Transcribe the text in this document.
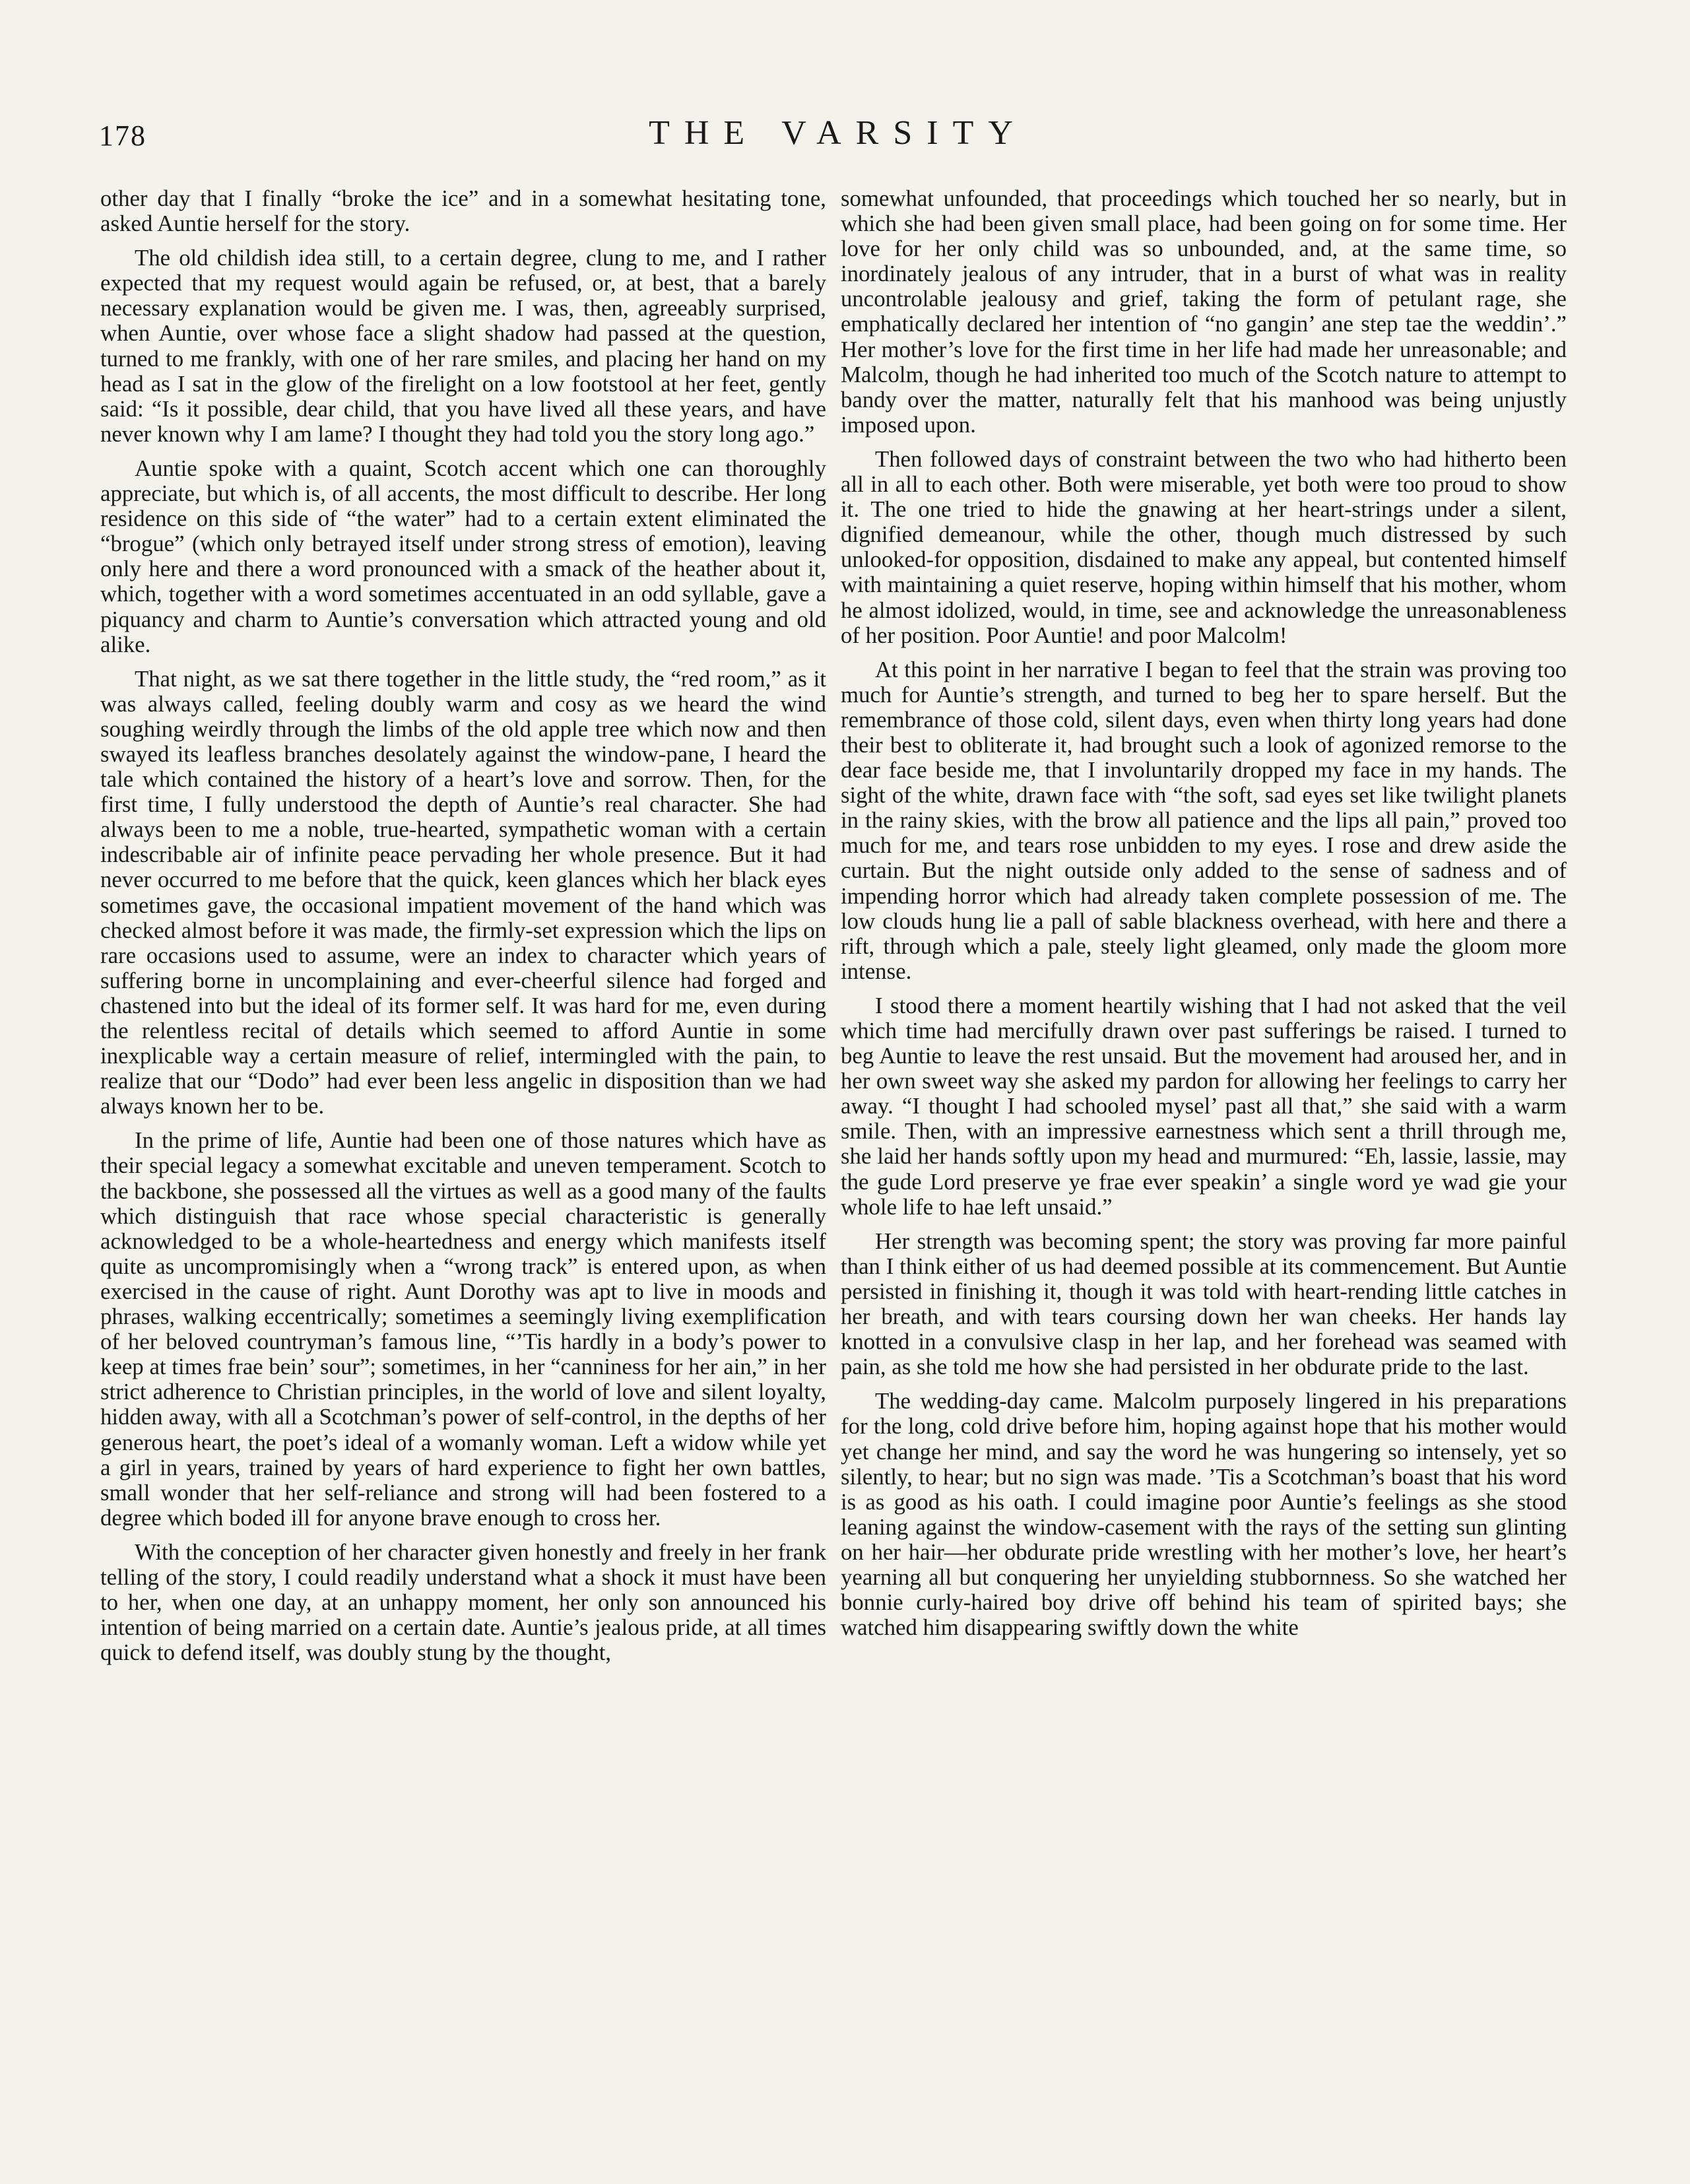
178	THE VARSITY

other day that I finally “broke the ice” and in a somewhat hesitating tone, asked Auntie herself for the story.

The old childish idea still, to a certain degree, clung to me, and I rather expected that my request would again be refused, or, at best, that a barely necessary explanation would be given me. I was, then, agreeably surprised, when Auntie, over whose face a slight shadow had passed at the question, turned to me frankly, with one of her rare smiles, and placing her hand on my head as I sat in the glow of the firelight on a low footstool at her feet, gently said: “Is it possible, dear child, that you have lived all these years, and have never known why I am lame? I thought they had told you the story long ago.”

Auntie spoke with a quaint, Scotch accent which one can thoroughly appreciate, but which is, of all accents, the most difficult to describe. Her long residence on this side of “the water” had to a certain extent eliminated the “brogue” (which only betrayed itself under strong stress of emotion), leaving only here and there a word pronounced with a smack of the heather about it, which, together with a word sometimes accentuated in an odd syllable, gave a piquancy and charm to Auntie’s conversation which attracted young and old alike.

That night, as we sat there together in the little study, the “red room,” as it was always called, feeling doubly warm and cosy as we heard the wind soughing weirdly through the limbs of the old apple tree which now and then swayed its leafless branches desolately against the window-pane, I heard the tale which contained the history of a heart’s love and sorrow. Then, for the first time, I fully understood the depth of Auntie’s real character. She had always been to me a noble, true-hearted, sympathetic woman with a certain indescribable air of infinite peace pervading her whole presence. But it had never occurred to me before that the quick, keen glances which her black eyes sometimes gave, the occasional impatient movement of the hand which was checked almost before it was made, the firmly-set expression which the lips on rare occasions used to assume, were an index to character which years of suffering borne in uncomplaining and ever-cheerful silence had forged and chastened into but the ideal of its former self. It was hard for me, even during the relentless recital of details which seemed to afford Auntie in some inexplicable way a certain measure of relief, intermingled with the pain, to realize that our “Dodo” had ever been less angelic in disposition than we had always known her to be.

In the prime of life, Auntie had been one of those natures which have as their special legacy a somewhat excitable and uneven temperament. Scotch to the backbone, she possessed all the virtues as well as a good many of the faults which distinguish that race whose special characteristic is generally acknowledged to be a whole-heartedness and energy which manifests itself quite as uncompromisingly when a “wrong track” is entered upon, as when exercised in the cause of right. Aunt Dorothy was apt to live in moods and phrases, walking eccentrically; sometimes a seemingly living exemplification of her beloved countryman’s famous line, “’Tis hardly in a body’s power to keep at times frae bein’ sour”; sometimes, in her “canniness for her ain,” in her strict adherence to Christian principles, in the world of love and silent loyalty, hidden away, with all a Scotchman’s power of self-control, in the depths of her generous heart, the poet’s ideal of a womanly woman. Left a widow while yet a girl in years, trained by years of hard experience to fight her own battles, small wonder that her self-reliance and strong will had been fostered to a degree which boded ill for anyone brave enough to cross her.

With the conception of her character given honestly and freely in her frank telling of the story, I could readily understand what a shock it must have been to her, when one day, at an unhappy moment, her only son announced his intention of being married on a certain date. Auntie’s jealous pride, at all times quick to defend itself, was doubly stung by the thought,

somewhat unfounded, that proceedings which touched her so nearly, but in which she had been given small place, had been going on for some time. Her love for her only child was so unbounded, and, at the same time, so inordinately jealous of any intruder, that in a burst of what was in reality uncontrolable jealousy and grief, taking the form of petulant rage, she emphatically declared her intention of “no gangin’ ane step tae the weddin’.” Her mother’s love for the first time in her life had made her unreasonable; and Malcolm, though he had inherited too much of the Scotch nature to attempt to bandy over the matter, naturally felt that his manhood was being unjustly imposed upon.

Then followed days of constraint between the two who had hitherto been all in all to each other. Both were miserable, yet both were too proud to show it. The one tried to hide the gnawing at her heart-strings under a silent, dignified demeanour, while the other, though much distressed by such unlooked-for opposition, disdained to make any appeal, but contented himself with maintaining a quiet reserve, hoping within himself that his mother, whom he almost idolized, would, in time, see and acknowledge the unreasonableness of her position. Poor Auntie! and poor Malcolm!

At this point in her narrative I began to feel that the strain was proving too much for Auntie’s strength, and turned to beg her to spare herself. But the remembrance of those cold, silent days, even when thirty long years had done their best to obliterate it, had brought such a look of agonized remorse to the dear face beside me, that I involuntarily dropped my face in my hands. The sight of the white, drawn face with “the soft, sad eyes set like twilight planets in the rainy skies, with the brow all patience and the lips all pain,” proved too much for me, and tears rose unbidden to my eyes. I rose and drew aside the curtain. But the night outside only added to the sense of sadness and of impending horror which had already taken complete possession of me. The low clouds hung lie a pall of sable blackness overhead, with here and there a rift, through which a pale, steely light gleamed, only made the gloom more intense.

I stood there a moment heartily wishing that I had not asked that the veil which time had mercifully drawn over past sufferings be raised. I turned to beg Auntie to leave the rest unsaid. But the movement had aroused her, and in her own sweet way she asked my pardon for allowing her feelings to carry her away. “I thought I had schooled mysel’ past all that,” she said with a warm smile. Then, with an impressive earnestness which sent a thrill through me, she laid her hands softly upon my head and murmured: “Eh, lassie, lassie, may the gude Lord preserve ye frae ever speakin’ a single word ye wad gie your whole life to hae left unsaid.”

Her strength was becoming spent; the story was proving far more painful than I think either of us had deemed possible at its commencement. But Auntie persisted in finishing it, though it was told with heart-rending little catches in her breath, and with tears coursing down her wan cheeks. Her hands lay knotted in a convulsive clasp in her lap, and her forehead was seamed with pain, as she told me how she had persisted in her obdurate pride to the last.

The wedding-day came. Malcolm purposely lingered in his preparations for the long, cold drive before him, hoping against hope that his mother would yet change her mind, and say the word he was hungering so intensely, yet so silently, to hear; but no sign was made. ’Tis a Scotchman’s boast that his word is as good as his oath. I could imagine poor Auntie’s feelings as she stood leaning against the window-casement with the rays of the setting sun glinting on her hair—her obdurate pride wrestling with her mother’s love, her heart’s yearning all but conquering her unyielding stubbornness. So she watched her bonnie curly-haired boy drive off behind his team of spirited bays; she watched him disappearing swiftly down the white
